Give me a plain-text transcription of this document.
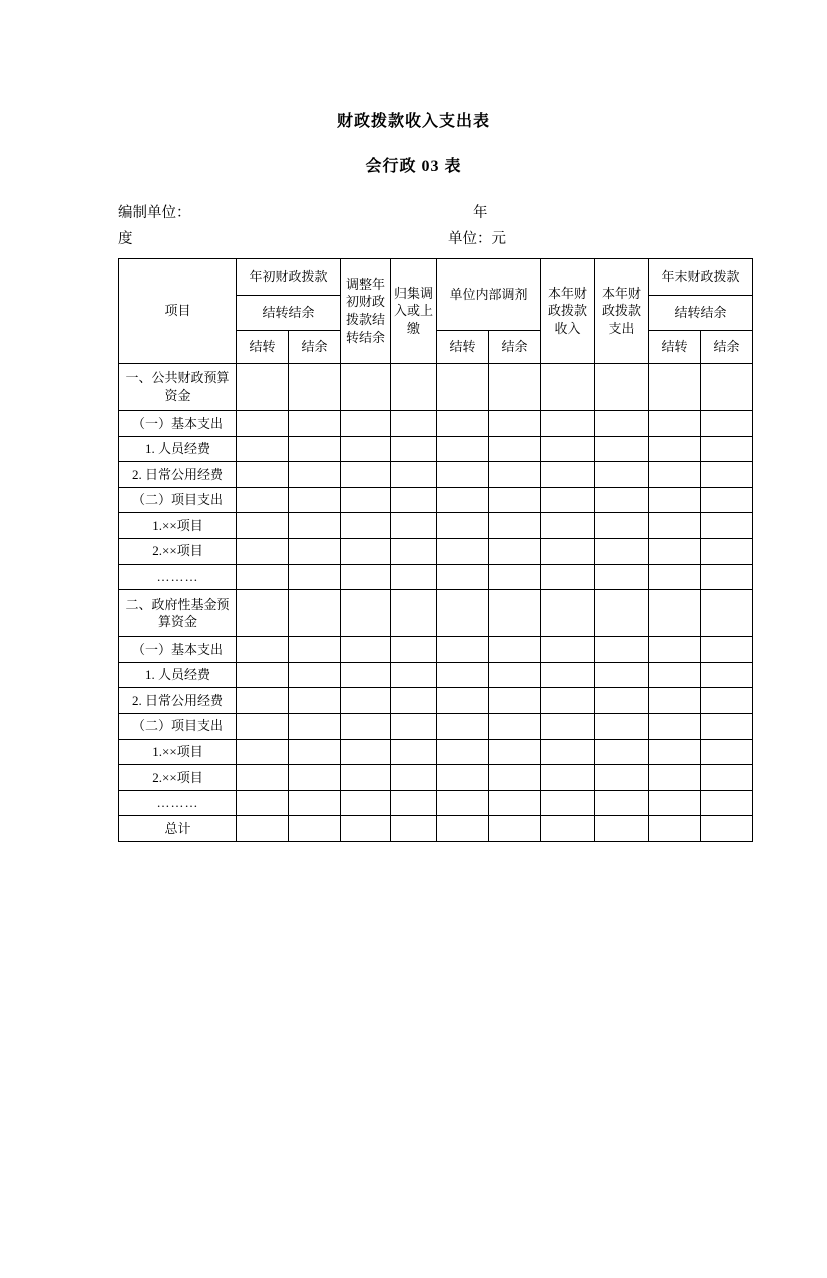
财政拨款收入支出表
会行政 03 表
编制单位：	年
度	单位：元
项目	年初财政拨款		调整年初财政拨款结转结余	归集调入或上缴	单位内部调剂		本年财政拨款收入	本年财政拨款支出	年末财政拨款	
	结转结余								结转结余	
	结转	结余			结转	结余			结转	结余
一、公共财政预算资金										
（一）基本支出										
1. 人员经费										
2. 日常公用经费										
（二）项目支出										
1.××项目										
2.××项目										
………										
二、政府性基金预算资金										
（一）基本支出										
1. 人员经费										
2. 日常公用经费										
（二）项目支出										
1.××项目										
2.××项目										
………										
总计										
